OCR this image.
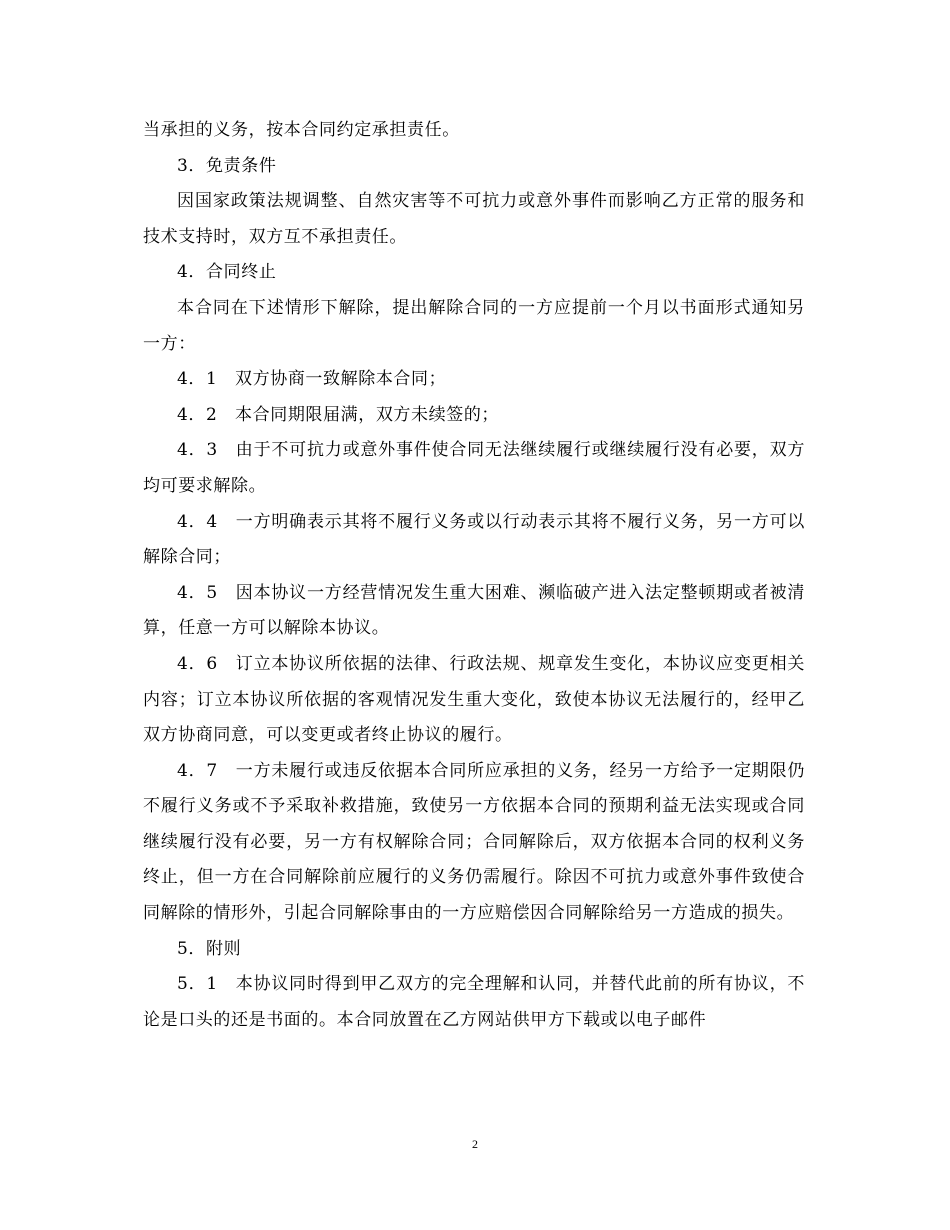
当承担的义务，按本合同约定承担责任。

3．免责条件

因国家政策法规调整、自然灾害等不可抗力或意外事件而影响乙方正常的服务和技术支持时，双方互不承担责任。

4．合同终止

本合同在下述情形下解除，提出解除合同的一方应提前一个月以书面形式通知另一方：

4．1　双方协商一致解除本合同；

4．2　本合同期限届满，双方未续签的；

4．3　由于不可抗力或意外事件使合同无法继续履行或继续履行没有必要，双方均可要求解除。

4．4　一方明确表示其将不履行义务或以行动表示其将不履行义务，另一方可以解除合同；

4．5　因本协议一方经营情况发生重大困难、濒临破产进入法定整顿期或者被清算，任意一方可以解除本协议。

4．6　订立本协议所依据的法律、行政法规、规章发生变化，本协议应变更相关内容；订立本协议所依据的客观情况发生重大变化，致使本协议无法履行的，经甲乙双方协商同意，可以变更或者终止协议的履行。

4．7　一方未履行或违反依据本合同所应承担的义务，经另一方给予一定期限仍不履行义务或不予采取补救措施，致使另一方依据本合同的预期利益无法实现或合同继续履行没有必要，另一方有权解除合同；合同解除后，双方依据本合同的权利义务终止，但一方在合同解除前应履行的义务仍需履行。除因不可抗力或意外事件致使合同解除的情形外，引起合同解除事由的一方应赔偿因合同解除给另一方造成的损失。

5．附则

5．1　本协议同时得到甲乙双方的完全理解和认同，并替代此前的所有协议，不论是口头的还是书面的。本合同放置在乙方网站供甲方下载或以电子邮件

2
